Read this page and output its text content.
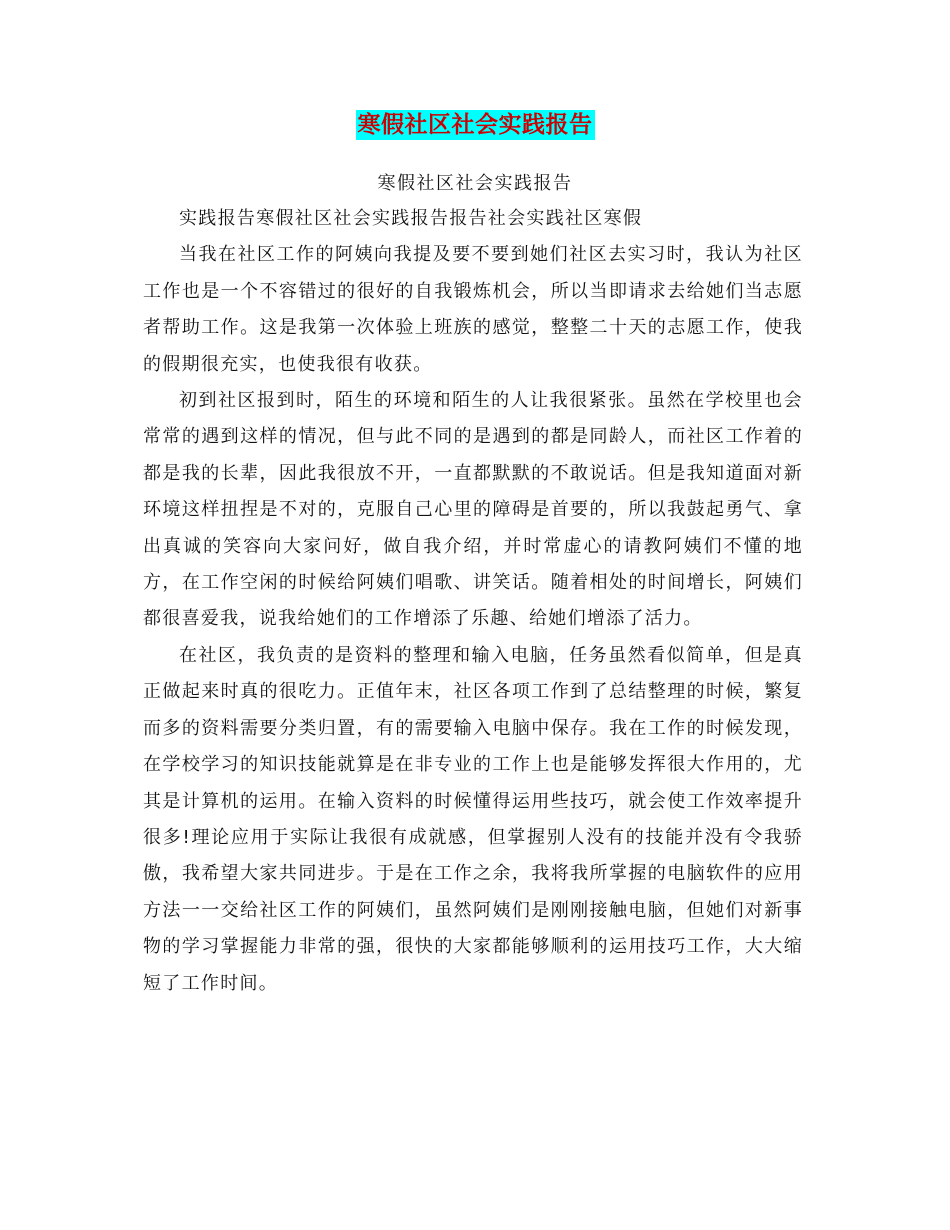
寒假社区社会实践报告
寒假社区社会实践报告

实践报告寒假社区社会实践报告报告社会实践社区寒假

当我在社区工作的阿姨向我提及要不要到她们社区去实习时，我认为社区工作也是一个不容错过的很好的自我锻炼机会，所以当即请求去给她们当志愿者帮助工作。这是我第一次体验上班族的感觉，整整二十天的志愿工作，使我的假期很充实，也使我很有收获。

初到社区报到时，陌生的环境和陌生的人让我很紧张。虽然在学校里也会常常的遇到这样的情况，但与此不同的是遇到的都是同龄人，而社区工作着的都是我的长辈，因此我很放不开，一直都默默的不敢说话。但是我知道面对新环境这样扭捏是不对的，克服自己心里的障碍是首要的，所以我鼓起勇气、拿出真诚的笑容向大家问好，做自我介绍，并时常虚心的请教阿姨们不懂的地方，在工作空闲的时候给阿姨们唱歌、讲笑话。随着相处的时间增长，阿姨们都很喜爱我，说我给她们的工作增添了乐趣、给她们增添了活力。

在社区，我负责的是资料的整理和输入电脑，任务虽然看似简单，但是真正做起来时真的很吃力。正值年末，社区各项工作到了总结整理的时候，繁复而多的资料需要分类归置，有的需要输入电脑中保存。我在工作的时候发现，在学校学习的知识技能就算是在非专业的工作上也是能够发挥很大作用的，尤其是计算机的运用。在输入资料的时候懂得运用些技巧，就会使工作效率提升很多!理论应用于实际让我很有成就感，但掌握别人没有的技能并没有令我骄傲，我希望大家共同进步。于是在工作之余，我将我所掌握的电脑软件的应用方法一一交给社区工作的阿姨们，虽然阿姨们是刚刚接触电脑，但她们对新事物的学习掌握能力非常的强，很快的大家都能够顺利的运用技巧工作，大大缩短了工作时间。
